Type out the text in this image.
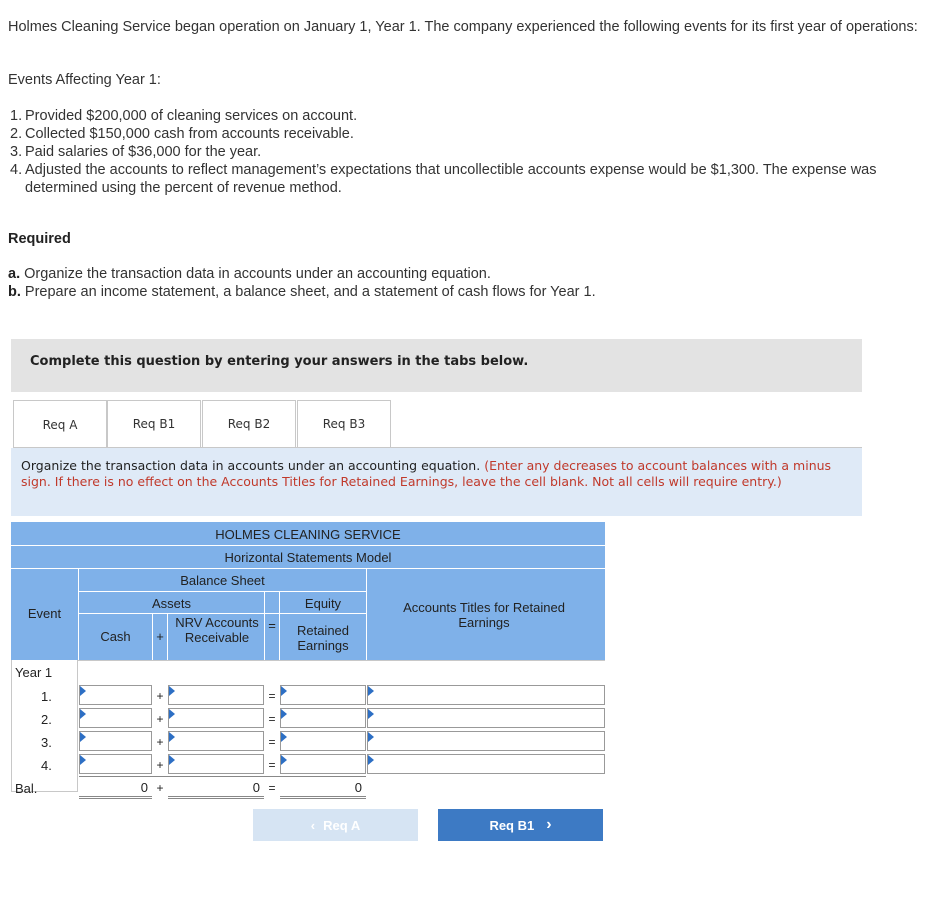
Holmes Cleaning Service began operation on January 1, Year 1. The company experienced the following events for its first year of operations:

Events Affecting Year 1:

1. Provided $200,000 of cleaning services on account.
2. Collected $150,000 cash from accounts receivable.
3. Paid salaries of $36,000 for the year.
4. Adjusted the accounts to reflect management’s expectations that uncollectible accounts expense would be $1,300. The expense was determined using the percent of revenue method.

Required

a. Organize the transaction data in accounts under an accounting equation.
b. Prepare an income statement, a balance sheet, and a statement of cash flows for Year 1.
Complete this question by entering your answers in the tabs below.
Req A	Req B1	Req B2	Req B3
Organize the transaction data in accounts under an accounting equation. (Enter any decreases to account balances with a minus sign. If there is no effect on the Accounts Titles for Retained Earnings, leave the cell blank. Not all cells will require entry.)
HOLMES CLEANING SERVICE
Horizontal Statements Model
Balance Sheet
Assets	Equity
Event
Cash	+
NRV Accounts Receivable
=	Retained Earnings
Accounts Titles for Retained Earnings
Year 1
1.	+	=
2.	+	=
3.	+	=
4.	+	=
Bal.	0 +	0 =	0
‹ Req A	Req B1 ›
